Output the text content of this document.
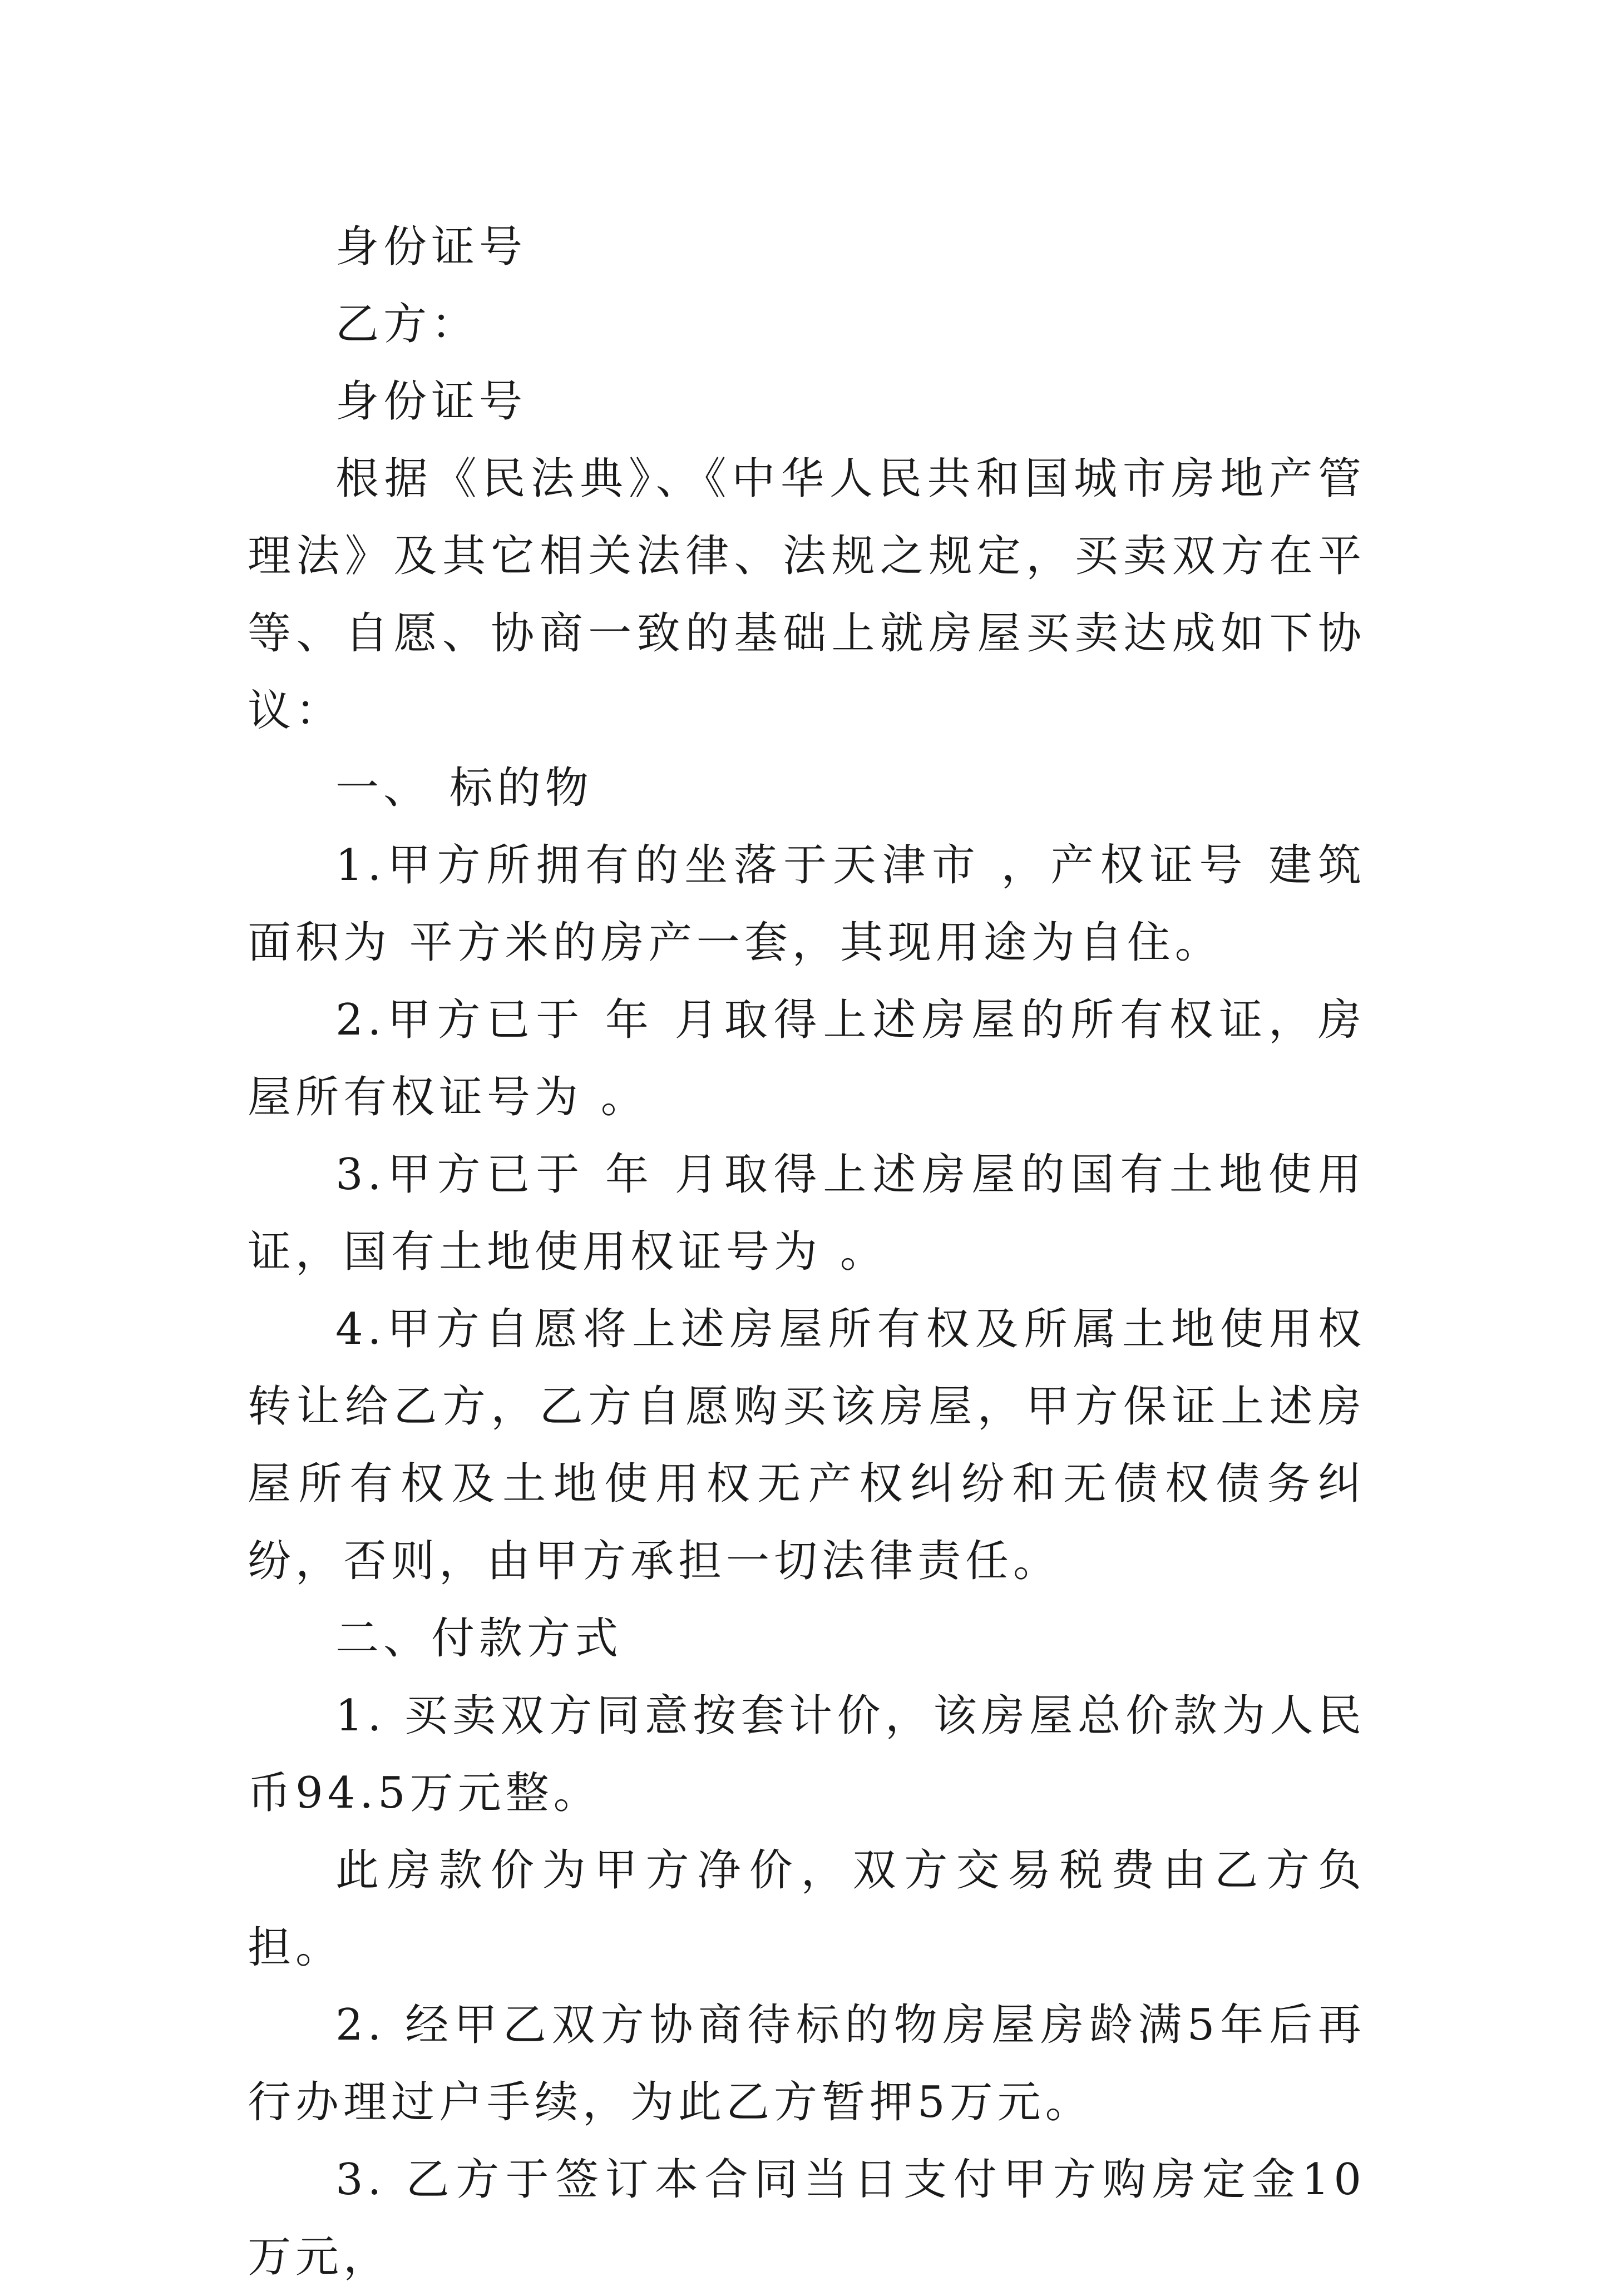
身份证号

乙方：

身份证号

根据《民法典》、《中华人民共和国城市房地产管理法》及其它相关法律、法规之规定，买卖双方在平等、自愿、协商一致的基础上就房屋买卖达成如下协议：

一、 标的物

1.甲方所拥有的坐落于天津市 ，产权证号 建筑面积为 平方米的房产一套，其现用途为自住。

2.甲方已于 年 月取得上述房屋的所有权证，房屋所有权证号为 。

3.甲方已于 年 月取得上述房屋的国有土地使用证，国有土地使用权证号为 。

4.甲方自愿将上述房屋所有权及所属土地使用权转让给乙方，乙方自愿购买该房屋，甲方保证上述房屋所有权及土地使用权无产权纠纷和无债权债务纠纷，否则，由甲方承担一切法律责任。

二、付款方式

1. 买卖双方同意按套计价，该房屋总价款为人民币94.5万元整。

此房款价为甲方净价，双方交易税费由乙方负担。

2. 经甲乙双方协商待标的物房屋房龄满5年后再行办理过户手续，为此乙方暂押5万元。

3. 乙方于签订本合同当日支付甲方购房定金10万元，
